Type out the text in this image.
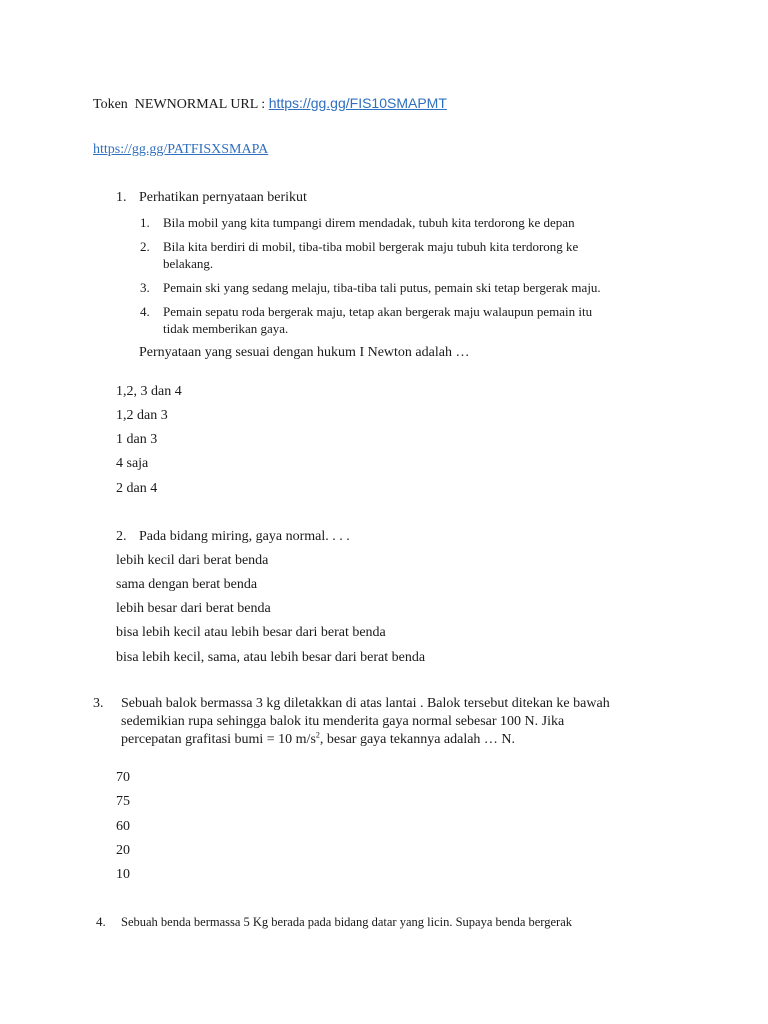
Token NEWNORMAL URL : https://gg.gg/FIS10SMAPMT
https://gg.gg/PATFISXSMAPA
1. Perhatikan pernyataan berikut
1. Bila mobil yang kita tumpangi direm mendadak, tubuh kita terdorong ke depan
2. Bila kita berdiri di mobil, tiba-tiba mobil bergerak maju tubuh kita terdorong ke
belakang.
3. Pemain ski yang sedang melaju, tiba-tiba tali putus, pemain ski tetap bergerak maju.
4. Pemain sepatu roda bergerak maju, tetap akan bergerak maju walaupun pemain itu
tidak memberikan gaya.
Pernyataan yang sesuai dengan hukum I Newton adalah …
1,2, 3 dan 4
1,2 dan 3
1 dan 3
4 saja
2 dan 4
2. Pada bidang miring, gaya normal. . . .
lebih kecil dari berat benda
sama dengan berat benda
lebih besar dari berat benda
bisa lebih kecil atau lebih besar dari berat benda
bisa lebih kecil, sama, atau lebih besar dari berat benda
3. Sebuah balok bermassa 3 kg diletakkan di atas lantai . Balok tersebut ditekan ke bawah
sedemikian rupa sehingga balok itu menderita gaya normal sebesar 100 N. Jika
percepatan grafitasi bumi = 10 $m/s^2$, besar gaya tekannya adalah … N.
70
75
60
20
10
4. Sebuah benda bermassa 5 Kg berada pada bidang datar yang licin. Supaya benda bergerak
